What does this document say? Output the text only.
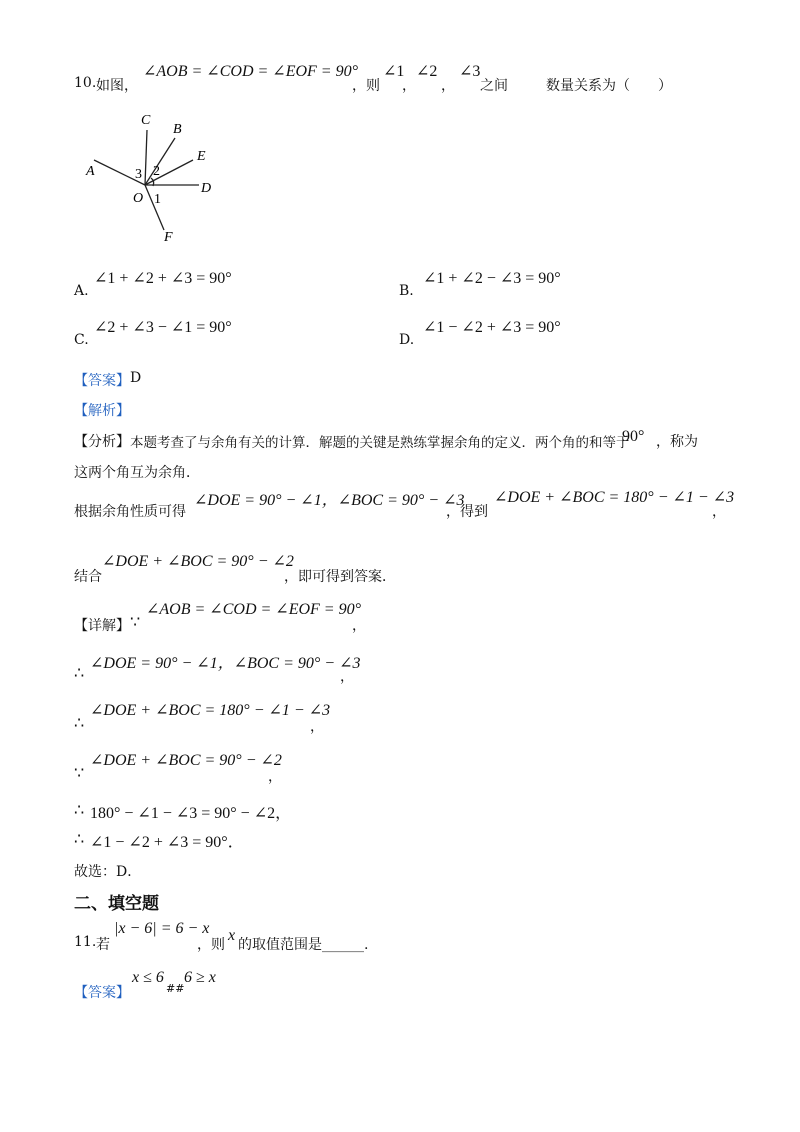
10. 如图，
∠AOB = ∠COD = ∠EOF = 90°
，则
∠1
，
∠2
，
∠3
之间	数量关系为（　　）
A
C
B
E
D
F
O
3 2
1
A.
∠1 + ∠2 + ∠3 = 90°
B.
∠1 + ∠2 − ∠3 = 90°
C.
∠2 + ∠3 − ∠1 = 90°
D.
∠1 − ∠2 + ∠3 = 90°
【答案】 D
【解析】
【分析】 本题考查了与余角有关的计算．解题的关键是熟练掌握余角的定义．两个角的和等于
90° ，称为
这两个角互为余角．
根据余角性质可得
∠DOE = 90° − ∠1，∠BOC = 90° − ∠3
，得到
∠DOE + ∠BOC = 180° − ∠1 − ∠3
，
结合
∠DOE + ∠BOC = 90° − ∠2
，即可得到答案．
【详解】 ∵
∠AOB = ∠COD = ∠EOF = 90°
，
∴
∠DOE = 90° − ∠1，∠BOC = 90° − ∠3
，
∴
∠DOE + ∠BOC = 180° − ∠1 − ∠3
，
∵
∠DOE + ∠BOC = 90° − ∠2
，
∴ 180° − ∠1 − ∠3 = 90° − ∠2，
∴ ∠1 − ∠2 + ∠3 = 90°．
故选：D．
二、填空题
11. 若
|x − 6| = 6 − x
，则
x
的取值范围是______.
【答案】
x ≤ 6
##
6 ≥ x
